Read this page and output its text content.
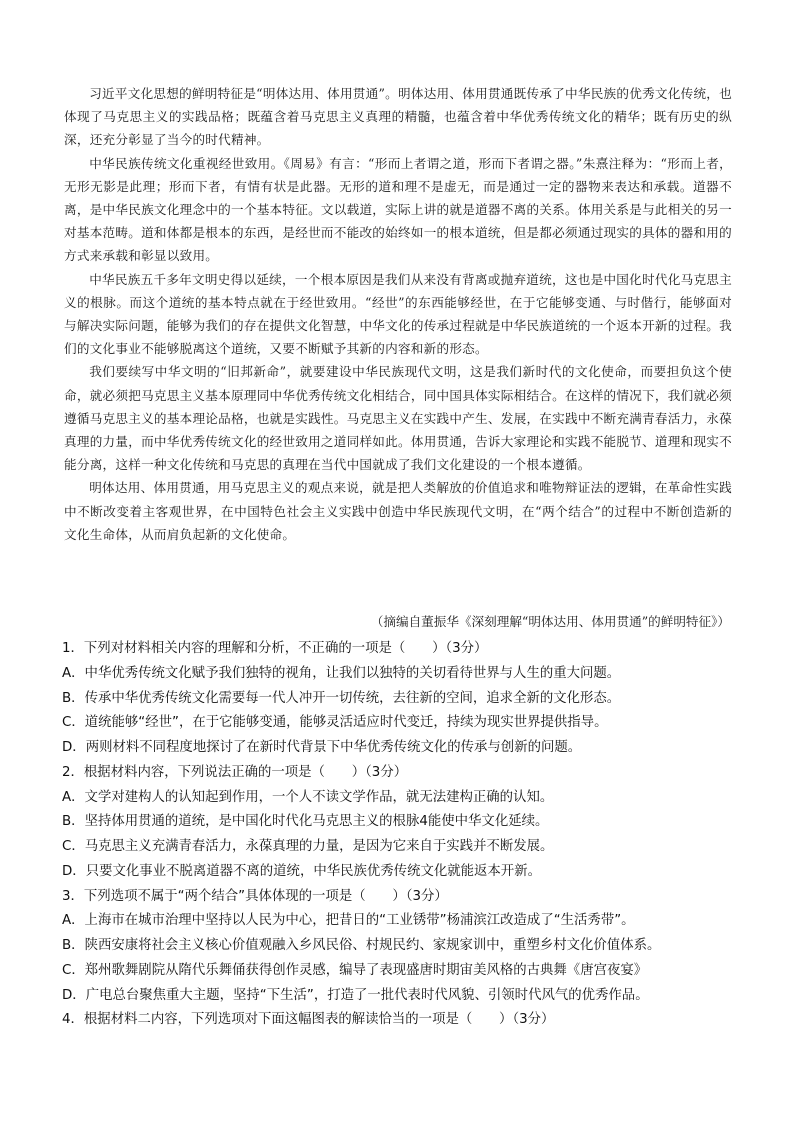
习近平文化思想的鲜明特征是“明体达用、体用贯通”。明体达用、体用贯通既传承了中华民族的优秀文化传统，也体现了马克思主义的实践品格；既蕴含着马克思主义真理的精髓，也蕴含着中华优秀传统文化的精华；既有历史的纵深，还充分彰显了当今的时代精神。

中华民族传统文化重视经世致用。《周易》有言：“形而上者谓之道，形而下者谓之器。”朱熹注释为：“形而上者，无形无影是此理；形而下者，有情有状是此器。无形的道和理不是虚无，而是通过一定的器物来表达和承载。道器不离，是中华民族文化理念中的一个基本特征。文以载道，实际上讲的就是道器不离的关系。体用关系是与此相关的另一对基本范畴。道和体都是根本的东西，是经世而不能改的始终如一的根本道统，但是都必须通过现实的具体的器和用的方式来承载和彰显以致用。

中华民族五千多年文明史得以延续，一个根本原因是我们从来没有背离或抛弃道统，这也是中国化时代化马克思主义的根脉。而这个道统的基本特点就在于经世致用。“经世”的东西能够经世，在于它能够变通、与时偕行，能够面对与解决实际问题，能够为我们的存在提供文化智慧，中华文化的传承过程就是中华民族道统的一个返本开新的过程。我们的文化事业不能够脱离这个道统，又要不断赋予其新的内容和新的形态。

我们要续写中华文明的“旧邦新命”，就要建设中华民族现代文明，这是我们新时代的文化使命，而要担负这个使命，就必须把马克思主义基本原理同中华优秀传统文化相结合，同中国具体实际相结合。在这样的情况下，我们就必须遵循马克思主义的基本理论品格，也就是实践性。马克思主义在实践中产生、发展，在实践中不断充满青春活力，永葆真理的力量，而中华优秀传统文化的经世致用之道同样如此。体用贯通，告诉大家理论和实践不能脱节、道理和现实不能分离，这样一种文化传统和马克思的真理在当代中国就成了我们文化建设的一个根本遵循。

明体达用、体用贯通，用马克思主义的观点来说，就是把人类解放的价值追求和唯物辩证法的逻辑，在革命性实践中不断改变着主客观世界，在中国特色社会主义实践中创造中华民族现代文明，在“两个结合”的过程中不断创造新的文化生命体，从而肩负起新的文化使命。

（摘编自董振华《深刻理解“明体达用、体用贯通”的鲜明特征》）
1．下列对材料相关内容的理解和分析，不正确的一项是（　　）（3分）
A．中华优秀传统文化赋予我们独特的视角，让我们以独特的关切看待世界与人生的重大问题。
B．传承中华优秀传统文化需要每一代人冲开一切传统，去往新的空间，追求全新的文化形态。
C．道统能够“经世”，在于它能够变通，能够灵活适应时代变迁，持续为现实世界提供指导。
D．两则材料不同程度地探讨了在新时代背景下中华优秀传统文化的传承与创新的问题。
2．根据材料内容，下列说法正确的一项是（　　）（3分）
A．文学对建构人的认知起到作用，一个人不读文学作品，就无法建构正确的认知。
B．坚持体用贯通的道统，是中国化时代化马克思主义的根脉4能使中华文化延续。
C．马克思主义充满青春活力，永葆真理的力量，是因为它来自于实践并不断发展。
D．只要文化事业不脱离道器不离的道统，中华民族优秀传统文化就能返本开新。
3．下列选项不属于“两个结合”具体体现的一项是（　　）（3分）
A．上海市在城市治理中坚持以人民为中心，把昔日的“工业锈带”杨浦滨江改造成了“生活秀带”。
B．陕西安康将社会主义核心价值观融入乡风民俗、村规民约、家规家训中，重塑乡村文化价值体系。
C．郑州歌舞剧院从隋代乐舞俑获得创作灵感，编导了表现盛唐时期宙美风格的古典舞《唐宫夜宴》
D．广电总台聚焦重大主题，坚持“下生活”，打造了一批代表时代风貌、引领时代风气的优秀作品。
4．根据材料二内容，下列选项对下面这幅图表的解读恰当的一项是（　　）（3分）
